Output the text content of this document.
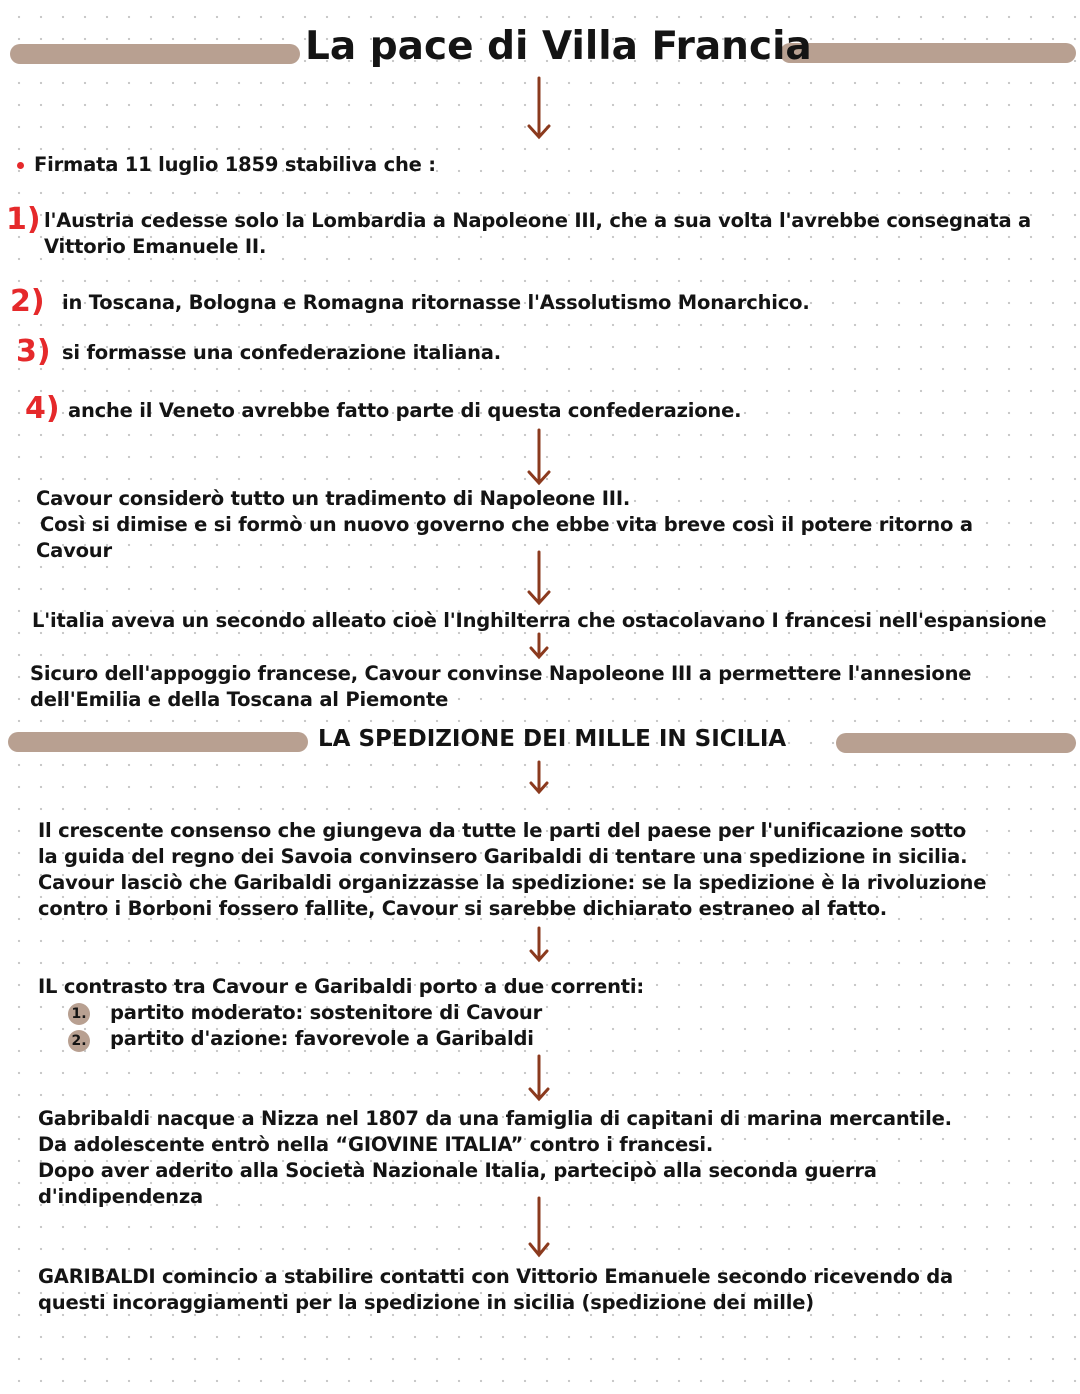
La pace di Villa Francia
Firmata 11 luglio 1859 stabiliva che :
1) l'Austria cedesse solo la Lombardia a Napoleone III, che a sua volta l'avrebbe consegnata a
Vittorio Emanuele II.
2) in Toscana, Bologna e Romagna ritornasse l'Assolutismo Monarchico.
3) si formasse una confederazione italiana.
4) anche il Veneto avrebbe fatto parte di questa confederazione.
Cavour considerò tutto un tradimento di Napoleone III.
Così si dimise e si formò un nuovo governo che ebbe vita breve così il potere ritorno a
Cavour
L'italia aveva un secondo alleato cioè l'Inghilterra che ostacolavano I francesi nell'espansione
Sicuro dell'appoggio francese, Cavour convinse Napoleone III a permettere l'annesione
dell'Emilia e della Toscana al Piemonte
LA SPEDIZIONE DEI MILLE IN SICILIA
Il crescente consenso che giungeva da tutte le parti del paese per l'unificazione sotto
la guida del regno dei Savoia convinsero Garibaldi di tentare una spedizione in sicilia.
Cavour lasciò che Garibaldi organizzasse la spedizione: se la spedizione è la rivoluzione
contro i Borboni fossero fallite, Cavour si sarebbe dichiarato estraneo al fatto.
IL contrasto tra Cavour e Garibaldi porto a due correnti:
1. partito moderato: sostenitore di Cavour
2. partito d'azione: favorevole a Garibaldi
Gabribaldi nacque a Nizza nel 1807 da una famiglia di capitani di marina mercantile.
Da adolescente entrò nella “GIOVINE ITALIA” contro i francesi.
Dopo aver aderito alla Società Nazionale Italia, partecipò alla seconda guerra
d'indipendenza
GARIBALDI comincio a stabilire contatti con Vittorio Emanuele secondo ricevendo da
questi incoraggiamenti per la spedizione in sicilia (spedizione dei mille)
